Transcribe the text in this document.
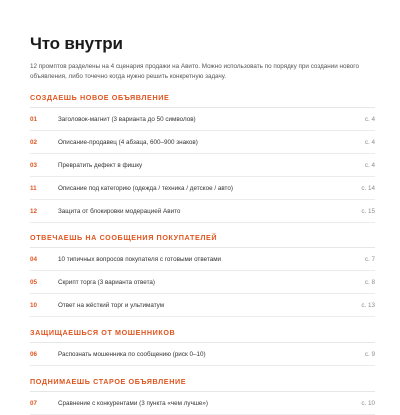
Что внутри
12 промптов разделены на 4 сценария продажи на Авито. Можно использовать по порядку при создании нового объявления, либо точечно когда нужно решить конкретную задачу.
СОЗДАЕШЬ НОВОЕ ОБЪЯВЛЕНИЕ
01	Заголовок-магнит (3 варианта до 50 символов)	с. 4
02	Описание-продавец (4 абзаца, 600–900 знаков)	с. 4
03	Превратить дефект в фишку	с. 4
11	Описание под категорию (одежда / техника / детское / авто)	с. 14
12	Защита от блокировки модерацией Авито	с. 15
ОТВЕЧАЕШЬ НА СООБЩЕНИЯ ПОКУПАТЕЛЕЙ
04	10 типичных вопросов покупателя с готовыми ответами	с. 7
05	Скрипт торга (3 варианта ответа)	с. 8
10	Ответ на жёсткий торг и ультиматум	с. 13
ЗАЩИЩАЕШЬСЯ ОТ МОШЕННИКОВ
06	Распознать мошенника по сообщению (риск 0–10)	с. 9
ПОДНИМАЕШЬ СТАРОЕ ОБЪЯВЛЕНИЕ
07	Сравнение с конкурентами (3 пункта «чем лучше»)	с. 10
